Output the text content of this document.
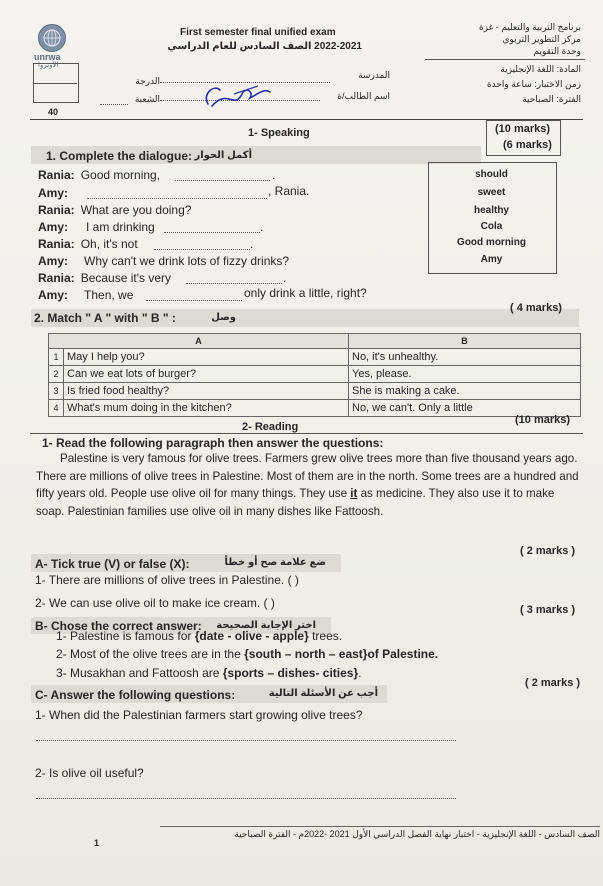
unrwa
الأونروا
First semester final unified exam
2022-2021 الصف السادس للعام الدراسي
برنامج التربية والتعليم - غزة
مركز التطوير التربوي
وحدة التقويم
المادة: اللغة الإنجليزية
زمن الاختبار: ساعة واحدة
الفترة: الصباحية
40
الدرجة
الشعبة
المدرسة
اسم الطالب/ة
1- Speaking	(10 marks)
(6 marks)
1. Complete the dialogue: أكمل الحوار
Rania: Good morning,	.
Amy:	, Rania.
Rania: What are you doing?
Amy: I am drinking	.
Rania: Oh, it's not	.
Amy: Why can't we drink lots of fizzy drinks?
Rania: Because it's very	.
Amy: Then, we	only drink a little, right?
should
sweet
healthy
Cola
Good morning
Amy
2. Match " A " with " B " :	وصل
( 4 marks)
A		B
1	May I help you?	No, it's unhealthy.
2	Can we eat lots of burger?	Yes, please.
3	Is fried food healthy?	She is making a cake.
4	What's mum doing in the kitchen?	No, we can't. Only a little
2- Reading
(10 marks)
1- Read the following paragraph then answer the questions:
Palestine is very famous for olive trees. Farmers grew olive trees more than five thousand years ago. There are millions of olive trees in Palestine. Most of them are in the north. Some trees are a hundred and fifty years old. People use olive oil for many things. They use it as medicine. They also use it to make soap. Palestinian families use olive oil in many dishes like Fattoosh.
A- Tick true (V) or false (X):	ضع علامة صح أو خطأ
( 2 marks )
1- There are millions of olive trees in Palestine. ( )
2- We can use olive oil to make ice cream. ( )
B- Chose the correct answer: اختر الإجابة الصحيحة
( 3 marks )
1- Palestine is famous for {date - olive - apple} trees.
2- Most of the olive trees are in the {south – north – east}of Palestine.
3- Musakhan and Fattoosh are {sports – dishes- cities}.
C- Answer the following questions:	أجب عن الأسئلة التالية
( 2 marks )
1- When did the Palestinian farmers start growing olive trees?
2- Is olive oil useful?
1
الصف السادس - اللغة الإنجليزية - اختبار نهاية الفصل الدراسي الأول 2021 -2022م - الفترة الصباحية
